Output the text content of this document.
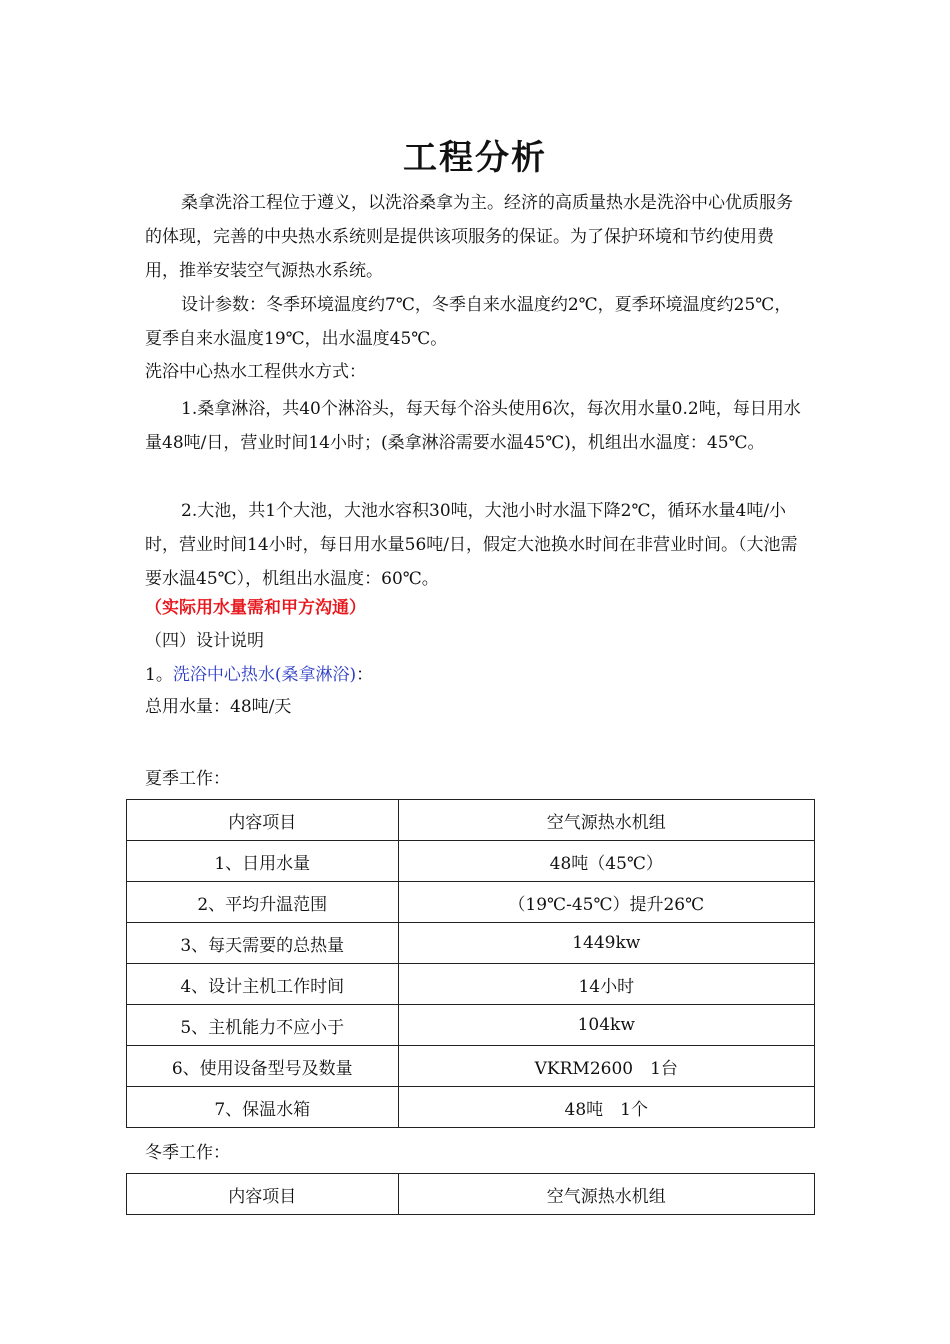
工程分析

桑拿洗浴工程位于遵义，以洗浴桑拿为主。经济的高质量热水是洗浴中心优质服务的体现，完善的中央热水系统则是提供该项服务的保证。为了保护环境和节约使用费用，推举安装空气源热水系统。

设计参数：冬季环境温度约7℃，冬季自来水温度约2℃，夏季环境温度约25℃，夏季自来水温度19℃，出水温度45℃。

洗浴中心热水工程供水方式：

1.桑拿淋浴，共40个淋浴头，每天每个浴头使用6次，每次用水量0.2吨，每日用水量48吨/日，营业时间14小时；(桑拿淋浴需要水温45℃)，机组出水温度：45℃。

2.大池，共1个大池，大池水容积30吨，大池小时水温下降2℃，循环水量4吨/小时，营业时间14小时，每日用水量56吨/日，假定大池换水时间在非营业时间。（大池需要水温45℃），机组出水温度：60℃。

（实际用水量需和甲方沟通）
（四）设计说明
1。洗浴中心热水(桑拿淋浴)：
总用水量：48吨/天
夏季工作：
内容项目	空气源热水机组
1、日用水量	48吨（45℃）
2、平均升温范围	（19℃-45℃）提升26℃
3、每天需要的总热量	1449kw
4、设计主机工作时间	14小时
5、主机能力不应小于	104kw
6、使用设备型号及数量	VKRM2600　1台
7、保温水箱	48吨　1个
冬季工作：
内容项目	空气源热水机组
